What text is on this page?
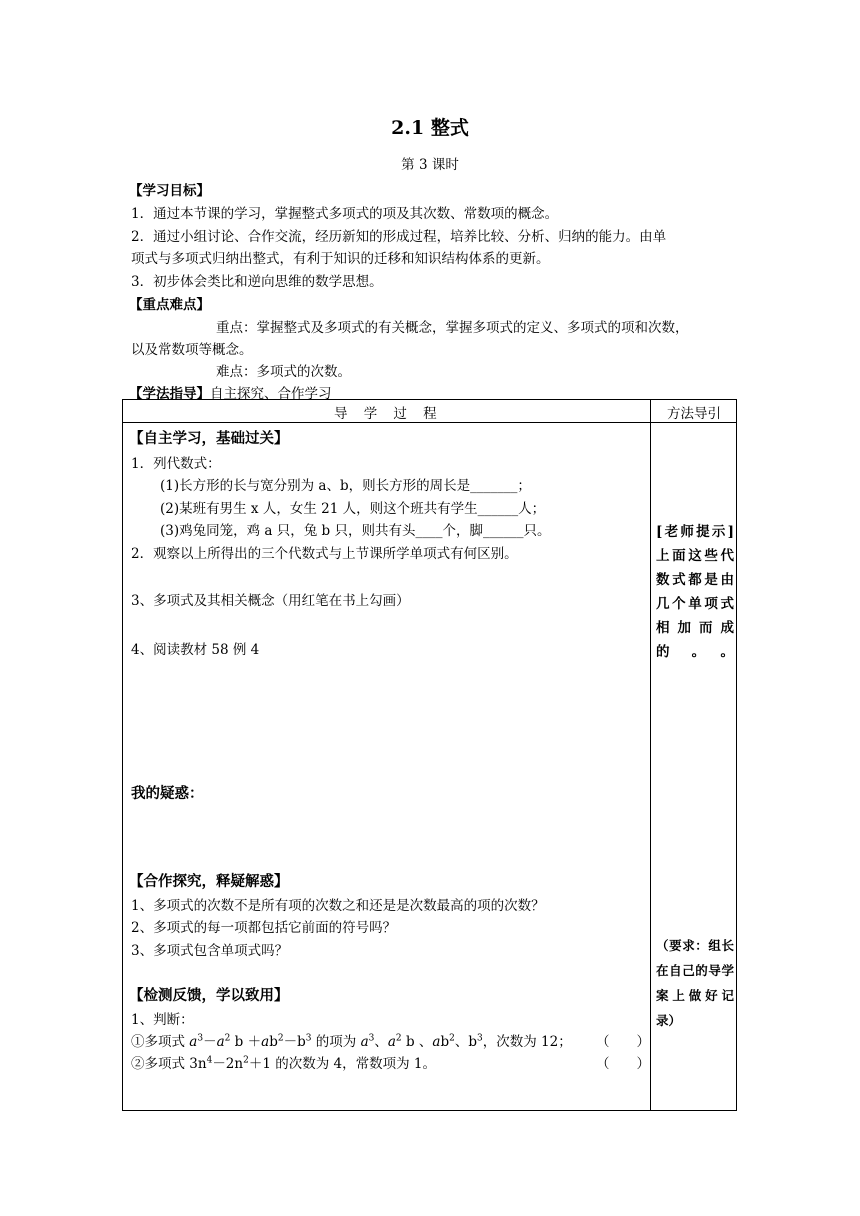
2.1 整式
第 3 课时
【学习目标】
1．通过本节课的学习，掌握整式多项式的项及其次数、常数项的概念。
2．通过小组讨论、合作交流，经历新知的形成过程，培养比较、分析、归纳的能力。由单
项式与多项式归纳出整式，有利于知识的迁移和知识结构体系的更新。
3．初步体会类比和逆向思维的数学思想。
【重点难点】
重点：掌握整式及多项式的有关概念，掌握多项式的定义、多项式的项和次数，
以及常数项等概念。
难点：多项式的次数。
【学法指导】自主探究、合作学习
导　学　过　程	方法导引
【自主学习，基础过关】
1．列代数式：
(1)长方形的长与宽分别为 a、b，则长方形的周长是_______；
(2)某班有男生 x 人，女生 21 人，则这个班共有学生______人；
(3)鸡兔同笼，鸡 a 只，兔 b 只，则共有头____个，脚______只。
2．观察以上所得出的三个代数式与上节课所学单项式有何区别。
3、多项式及其相关概念（用红笔在书上勾画）
4、阅读教材 58 例 4
我的疑惑：
【合作探究，释疑解惑】
1、多项式的次数不是所有项的次数之和还是是次数最高的项的次数？
2、多项式的每一项都包括它前面的符号吗？
3、多项式包含单项式吗？
【检测反馈，学以致用】
1、判断：
①多项式 $a^3-a^2$ $b +ab^2-b^3$ 的项为 $a^3$、$a^2$ b 、$ab^2$、$b^3$，次数为 12； （　　）
②多项式 $3n^4-2n^2+1$ 的次数为 4，常数项为 1。	（　　）
[老师提示]上面这些代数式都是由几个单项式相加而成的。。
（要求：组长在自己的导学案上做好记录）
